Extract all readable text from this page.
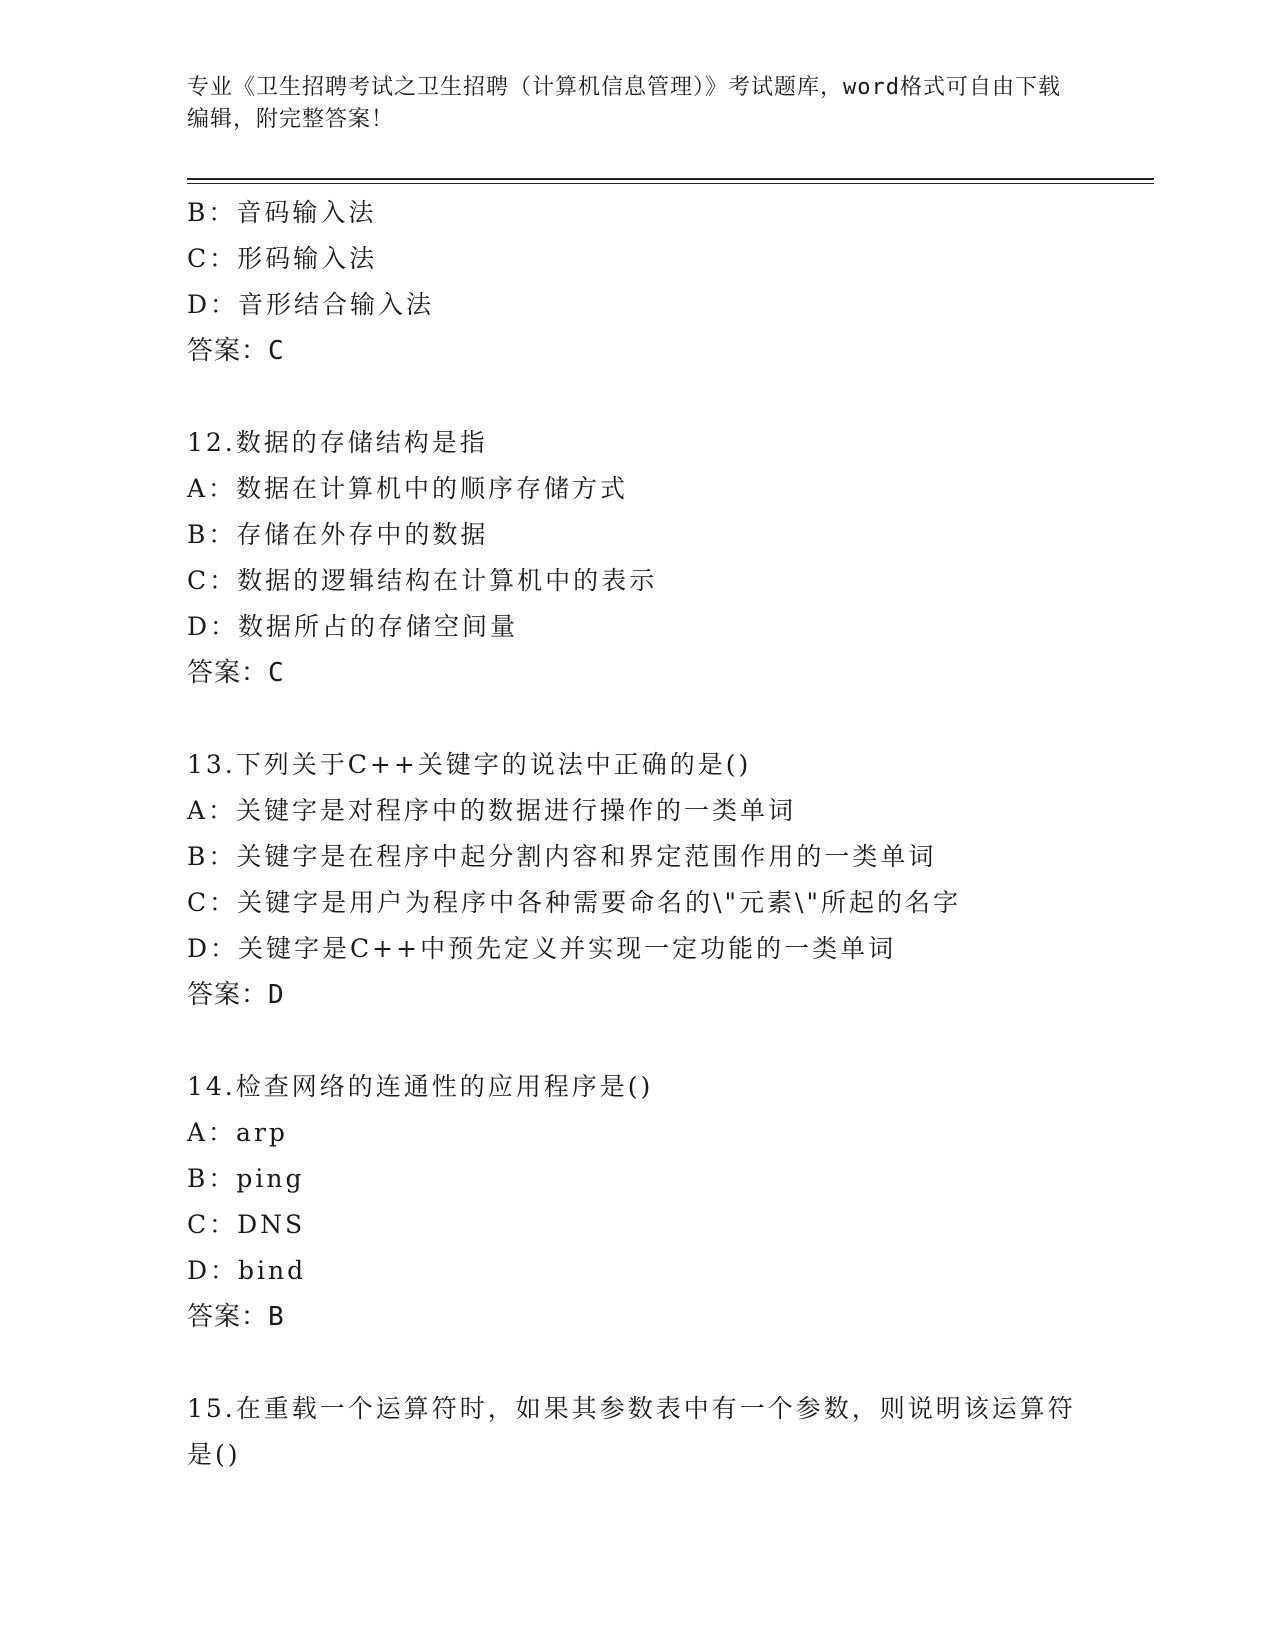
专业《卫生招聘考试之卫生招聘（计算机信息管理）》考试题库，word格式可自由下载编辑，附完整答案！
B：音码输入法
C：形码输入法
D：音形结合输入法
答案：C
12.数据的存储结构是指
A：数据在计算机中的顺序存储方式
B：存储在外存中的数据
C：数据的逻辑结构在计算机中的表示
D：数据所占的存储空间量
答案：C
13.下列关于C++关键字的说法中正确的是()
A：关键字是对程序中的数据进行操作的一类单词
B：关键字是在程序中起分割内容和界定范围作用的一类单词
C：关键字是用户为程序中各种需要命名的\"元素\"所起的名字
D：关键字是C++中预先定义并实现一定功能的一类单词
答案：D
14.检查网络的连通性的应用程序是()
A：arp
B：ping
C：DNS
D：bind
答案：B
15.在重载一个运算符时，如果其参数表中有一个参数，则说明该运算符是()
